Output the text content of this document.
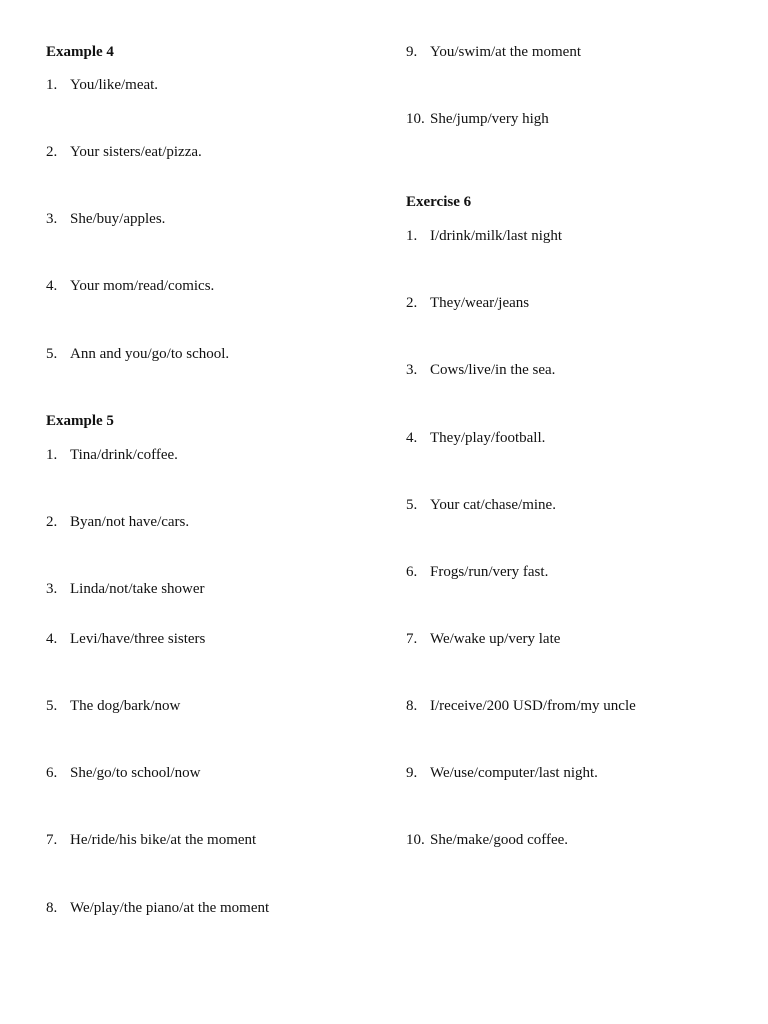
Example 4
1. You/like/meat.
2. Your sisters/eat/pizza.
3. She/buy/apples.
4. Your mom/read/comics.
5. Ann and you/go/to school.
Example 5
1. Tina/drink/coffee.
2. Byan/not have/cars.
3. Linda/not/take shower
4. Levi/have/three sisters
5. The dog/bark/now
6. She/go/to school/now
7. He/ride/his bike/at the moment
8. We/play/the piano/at the moment
9. You/swim/at the moment
10. She/jump/very high
Exercise 6
1. I/drink/milk/last night
2. They/wear/jeans
3. Cows/live/in the sea.
4. They/play/football.
5. Your cat/chase/mine.
6. Frogs/run/very fast.
7. We/wake up/very late
8. I/receive/200 USD/from/my uncle
9. We/use/computer/last night.
10. She/make/good coffee.
